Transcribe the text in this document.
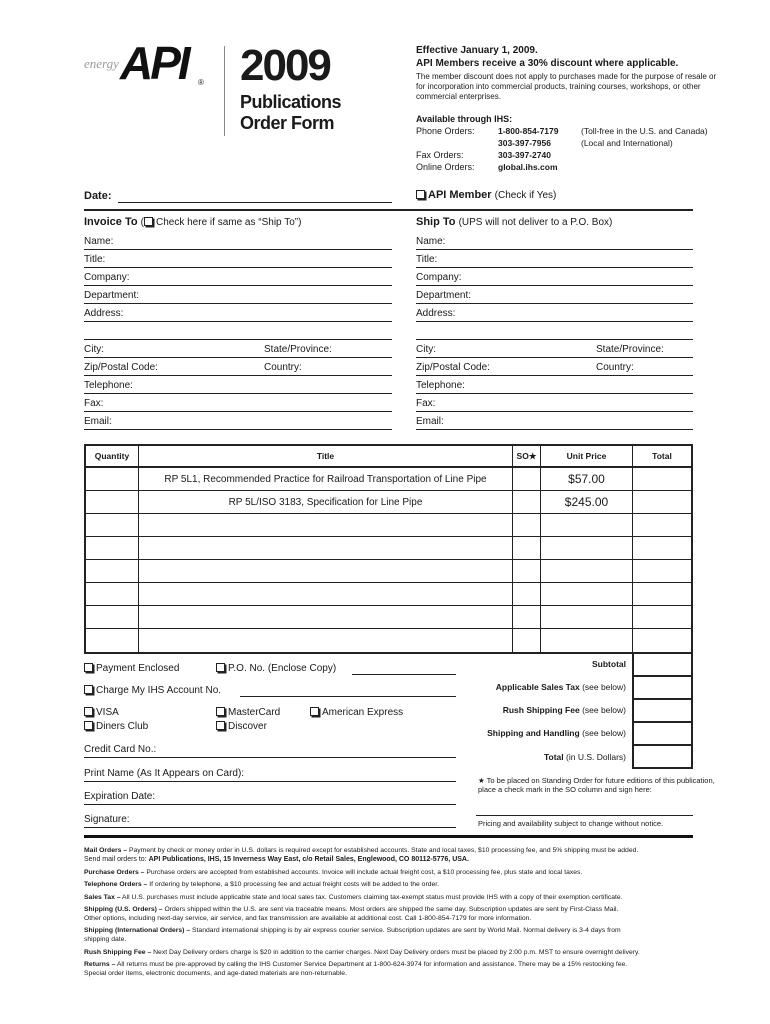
energy API ® 2009
Publications Order Form
Effective January 1, 2009.
API Members receive a 30% discount where applicable.
The member discount does not apply to purchases made for the purpose of resale or for incorporation into commercial products, training courses, workshops, or other commercial enterprises.
Available through IHS:
Phone Orders:	1-800-854-7179	(Toll-free in the U.S. and Canada)
303-397-7956	(Local and International)
Fax Orders:	303-397-2740
Online Orders:	global.ihs.com
Date:	API Member (Check if Yes)
Invoice To ( Check here if same as “Ship To”)
Name:
Title:
Company:
Department:
Address:
City:	State/Province:
Zip/Postal Code:	Country:
Telephone:
Fax:
Email:
Ship To (UPS will not deliver to a P.O. Box)
Name:
Title:
Company:
Department:
Address:
City:	State/Province:
Zip/Postal Code:	Country:
Telephone:
Fax:
Email:
Quantity	Title	SO★	Unit Price	Total
RP 5L1, Recommended Practice for Railroad Transportation of Line Pipe	$57.00
RP 5L/ISO 3183, Specification for Line Pipe	$245.00
Payment Enclosed	P.O. No. (Enclose Copy)
Charge My IHS Account No.
VISA	MasterCard	American Express
Diners Club	Discover
Credit Card No.:
Print Name (As It Appears on Card):
Expiration Date:
Signature:
Subtotal
Applicable Sales Tax (see below)
Rush Shipping Fee (see below)
Shipping and Handling (see below)
Total (in U.S. Dollars)
★ To be placed on Standing Order for future editions of this publication, place a check mark in the SO column and sign here:
Pricing and availability subject to change without notice.
Mail Orders – Payment by check or money order in U.S. dollars is required except for established accounts. State and local taxes, $10 processing fee, and 5% shipping must be added.
Send mail orders to: API Publications, IHS, 15 Inverness Way East, c/o Retail Sales, Englewood, CO 80112-5776, USA.
Purchase Orders – Purchase orders are accepted from established accounts. Invoice will include actual freight cost, a $10 processing fee, plus state and local taxes.
Telephone Orders – If ordering by telephone, a $10 processing fee and actual freight costs will be added to the order.
Sales Tax – All U.S. purchases must include applicable state and local sales tax. Customers claiming tax-exempt status must provide IHS with a copy of their exemption certificate.
Shipping (U.S. Orders) – Orders shipped within the U.S. are sent via traceable means. Most orders are shipped the same day. Subscription updates are sent by First-Class Mail.
Other options, including next-day service, air service, and fax transmission are available at additional cost. Call 1-800-854-7179 for more information.
Shipping (International Orders) – Standard international shipping is by air express courier service. Subscription updates are sent by World Mail. Normal delivery is 3-4 days from
shipping date.
Rush Shipping Fee – Next Day Delivery orders charge is $20 in addition to the carrier charges. Next Day Delivery orders must be placed by 2:00 p.m. MST to ensure overnight delivery.
Returns – All returns must be pre-approved by calling the IHS Customer Service Department at 1-800-624-3974 for information and assistance. There may be a 15% restocking fee.
Special order items, electronic documents, and age-dated materials are non-returnable.
